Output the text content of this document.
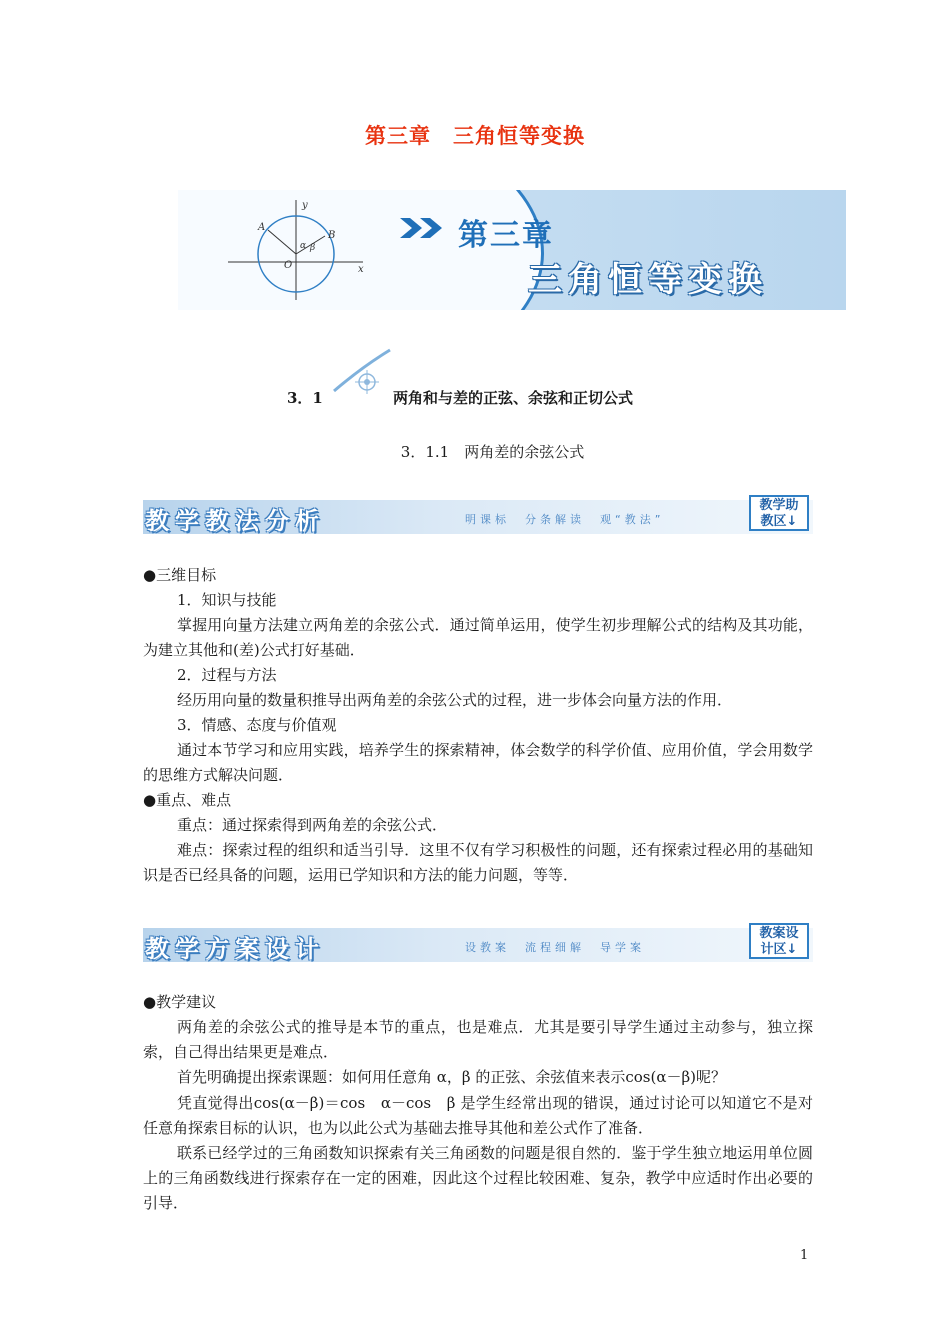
第三章　三角恒等变换
y
x
A
B
O
α β	第三章
三角恒等变换
3．1	两角和与差的正弦、余弦和正切公式
3．1.1　两角差的余弦公式
教学教法分析	明课标　分条解读　观“教法”
教学助
教区↓
●三维目标
1．知识与技能
掌握用向量方法建立两角差的余弦公式．通过简单运用，使学生初步理解公式的结构及其功能，为建立其他和(差)公式打好基础．
2．过程与方法
经历用向量的数量积推导出两角差的余弦公式的过程，进一步体会向量方法的作用．
3．情感、态度与价值观
通过本节学习和应用实践，培养学生的探索精神，体会数学的科学价值、应用价值，学会用数学的思维方式解决问题．
●重点、难点
重点：通过探索得到两角差的余弦公式．
难点：探索过程的组织和适当引导．这里不仅有学习积极性的问题，还有探索过程必用的基础知识是否已经具备的问题，运用已学知识和方法的能力问题，等等．
教学方案设计	设教案　流程细解　导学案
教案设
计区↓
●教学建议
两角差的余弦公式的推导是本节的重点，也是难点．尤其是要引导学生通过主动参与，独立探索，自己得出结果更是难点．
首先明确提出探索课题：如何用任意角 α，β 的正弦、余弦值来表示cos(α－β)呢？
凭直觉得出cos(α－β)＝cos　α－cos　β 是学生经常出现的错误，通过讨论可以知道它不是对任意角探索目标的认识，也为以此公式为基础去推导其他和差公式作了准备．
联系已经学过的三角函数知识探索有关三角函数的问题是很自然的．鉴于学生独立地运用单位圆上的三角函数线进行探索存在一定的困难，因此这个过程比较困难、复杂，教学中应适时作出必要的引导．
1
